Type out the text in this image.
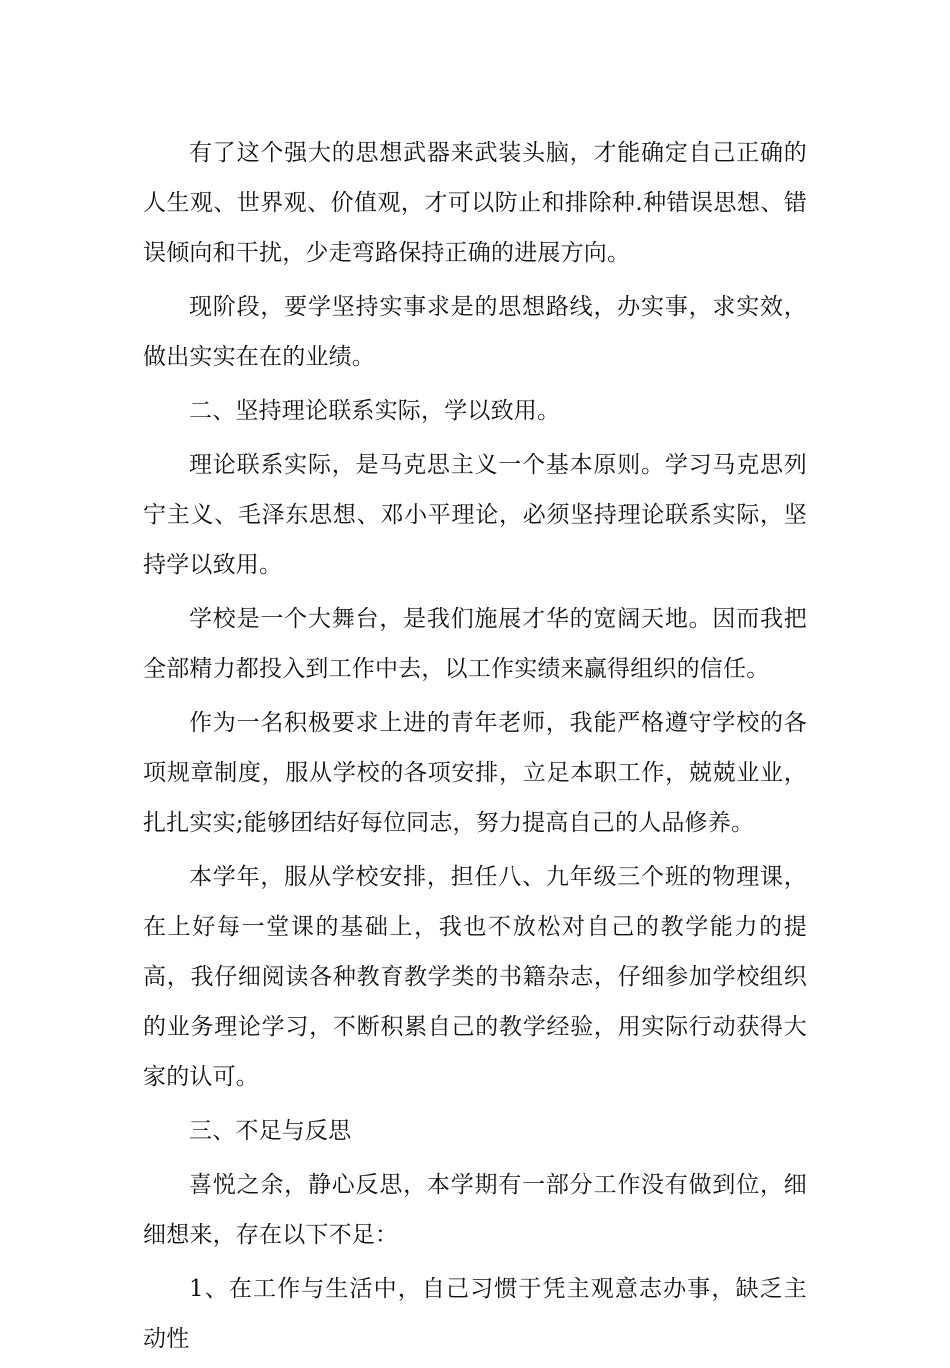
有了这个强大的思想武器来武装头脑，才能确定自己正确的人生观、世界观、价值观，才可以防止和排除种.种错误思想、错误倾向和干扰，少走弯路保持正确的进展方向。

现阶段，要学坚持实事求是的思想路线，办实事，求实效，做出实实在在的业绩。

二、坚持理论联系实际，学以致用。

理论联系实际，是马克思主义一个基本原则。学习马克思列宁主义、毛泽东思想、邓小平理论，必须坚持理论联系实际，坚持学以致用。

学校是一个大舞台，是我们施展才华的宽阔天地。因而我把全部精力都投入到工作中去，以工作实绩来赢得组织的信任。

作为一名积极要求上进的青年老师，我能严格遵守学校的各项规章制度，服从学校的各项安排，立足本职工作，兢兢业业，扎扎实实;能够团结好每位同志，努力提高自己的人品修养。

本学年，服从学校安排，担任八、九年级三个班的物理课，在上好每一堂课的基础上，我也不放松对自己的教学能力的提高，我仔细阅读各种教育教学类的书籍杂志，仔细参加学校组织的业务理论学习，不断积累自己的教学经验，用实际行动获得大家的认可。

三、不足与反思

喜悦之余，静心反思，本学期有一部分工作没有做到位，细细想来，存在以下不足：

1、在工作与生活中，自己习惯于凭主观意志办事，缺乏主动性
